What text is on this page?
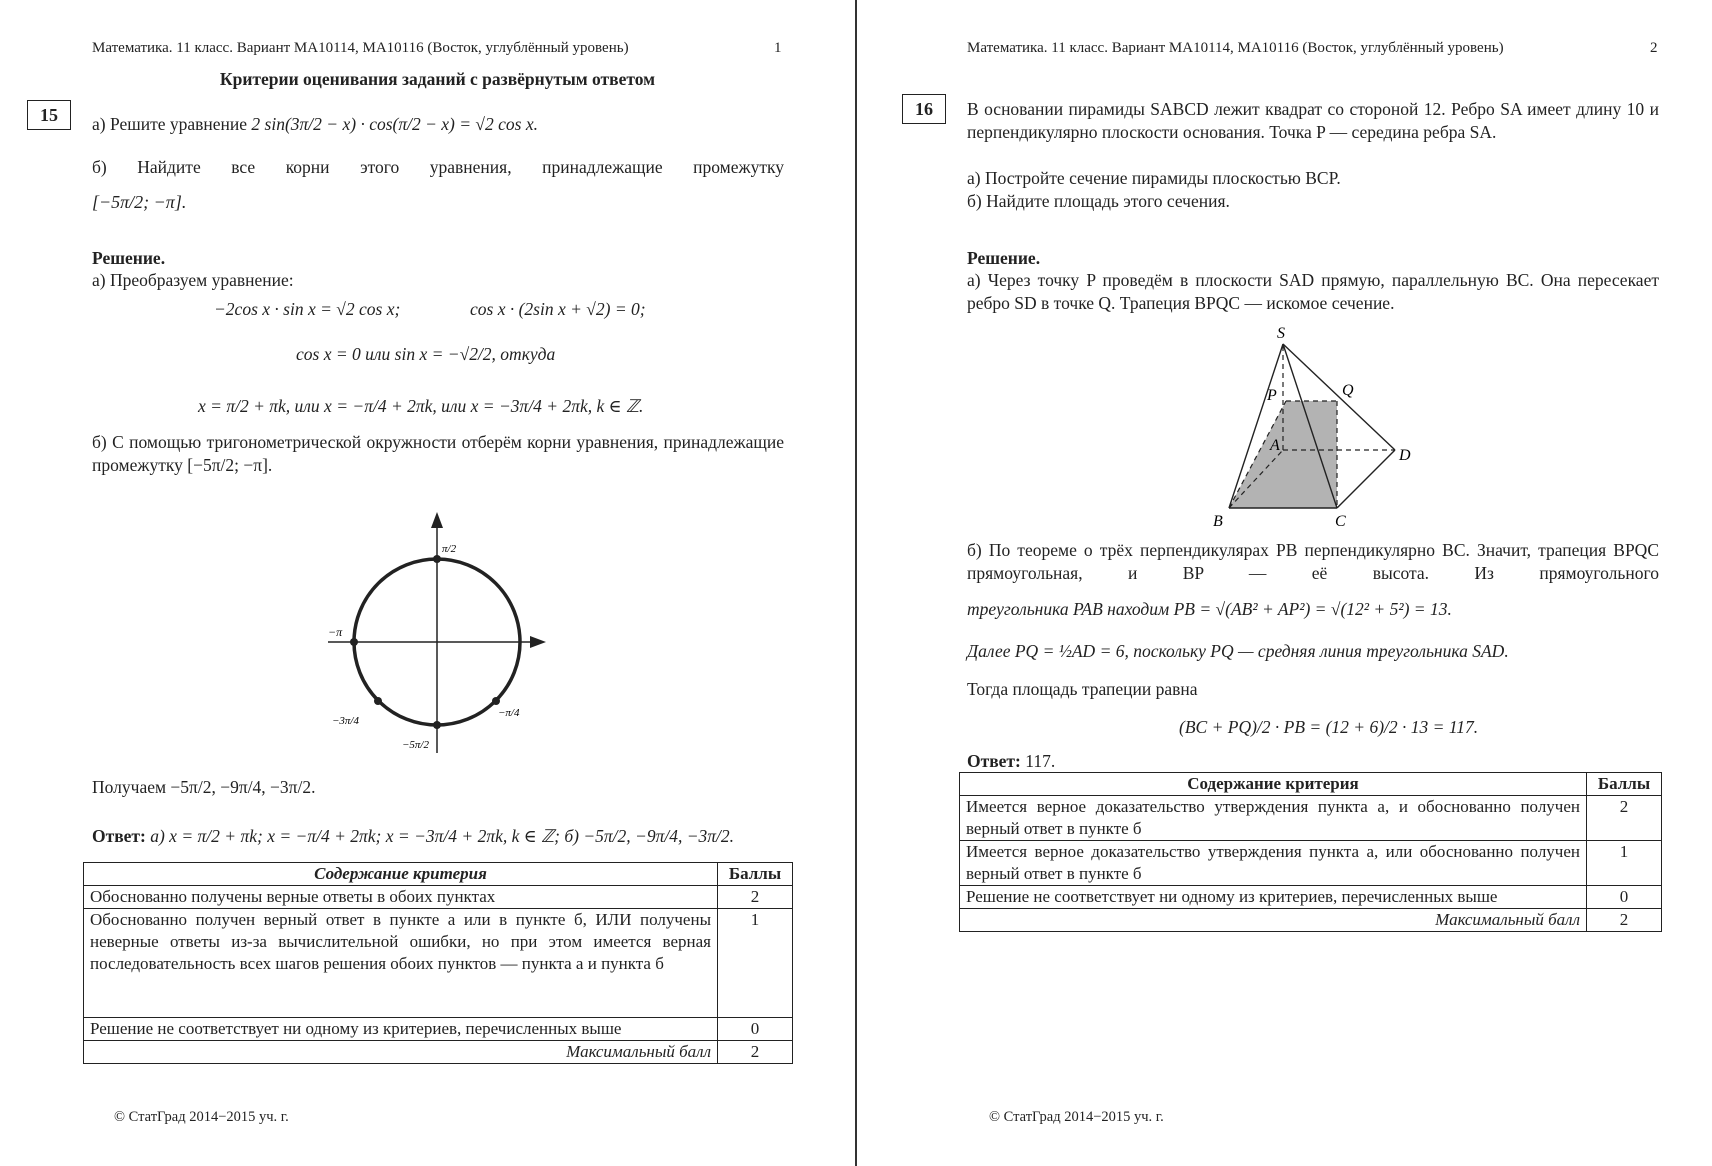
Математика. 11 класс. Вариант МА10114, МА10116 (Восток, углублённый уровень)	1
Критерии оценивания заданий с развёрнутым ответом
15	а) Решите уравнение 2 sin(3π/2 − x) · cos(π/2 − x) = √2 cos x.
б) Найдите все корни этого уравнения, принадлежащие промежутку
[−5π/2; −π].
Решение.
а) Преобразуем уравнение:
−2cos x · sin x = √2 cos x;	cos x · (2sin x + √2) = 0;
cos x = 0 или sin x = −√2/2, откуда
x = π/2 + πk, или x = −π/4 + 2πk, или x = −3π/4 + 2πk, k ∈ ℤ.
б) С помощью тригонометрической окружности отберём корни уравнения, принадлежащие промежутку [−5π/2; −π].
π/2
−π
−3π/4
−5π/2
−π/4
Получаем −5π/2, −9π/4, −3π/2.
Ответ: а) x = π/2 + πk; x = −π/4 + 2πk; x = −3π/4 + 2πk, k ∈ ℤ; б) −5π/2, −9π/4, −3π/2.
Содержание критерия	Баллы
Обоснованно получены верные ответы в обоих пунктах	2
Обоснованно получен верный ответ в пункте а или в пункте б, ИЛИ получены неверные ответы из-за вычислительной ошибки, но при этом имеется верная последовательность всех шагов решения обоих пунктов — пункта а и пункта б	1
Решение не соответствует ни одному из критериев, перечисленных выше	0
Максимальный балл	2
© СтатГрад 2014−2015 уч. г.
Математика. 11 класс. Вариант МА10114, МА10116 (Восток, углублённый уровень)	2
16	В основании пирамиды SABCD лежит квадрат со стороной 12. Ребро SA имеет длину 10 и перпендикулярно плоскости основания. Точка P — середина ребра SA.
а) Постройте сечение пирамиды плоскостью BCP.
б) Найдите площадь этого сечения.
Решение.
а) Через точку P проведём в плоскости SAD прямую, параллельную BC. Она пересекает ребро SD в точке Q. Трапеция BPQC — искомое сечение.
S
P	Q
A
D
B	C
б) По теореме о трёх перпендикулярах PB перпендикулярно BC. Значит, трапеция BPQC прямоугольная, и BP — её высота. Из прямоугольного
треугольника PAB находим PB = √(AB² + AP²) = √(12² + 5²) = 13.
Далее PQ = ½AD = 6, поскольку PQ — средняя линия треугольника SAD.
Тогда площадь трапеции равна
(BC + PQ)/2 · PB = (12 + 6)/2 · 13 = 117.
Ответ: 117.
Содержание критерия	Баллы
Имеется верное доказательство утверждения пункта а, и обоснованно получен верный ответ в пункте б	2
Имеется верное доказательство утверждения пункта а, или обоснованно получен верный ответ в пункте б	1
Решение не соответствует ни одному из критериев, перечисленных выше	0
Максимальный балл	2
© СтатГрад 2014−2015 уч. г.
